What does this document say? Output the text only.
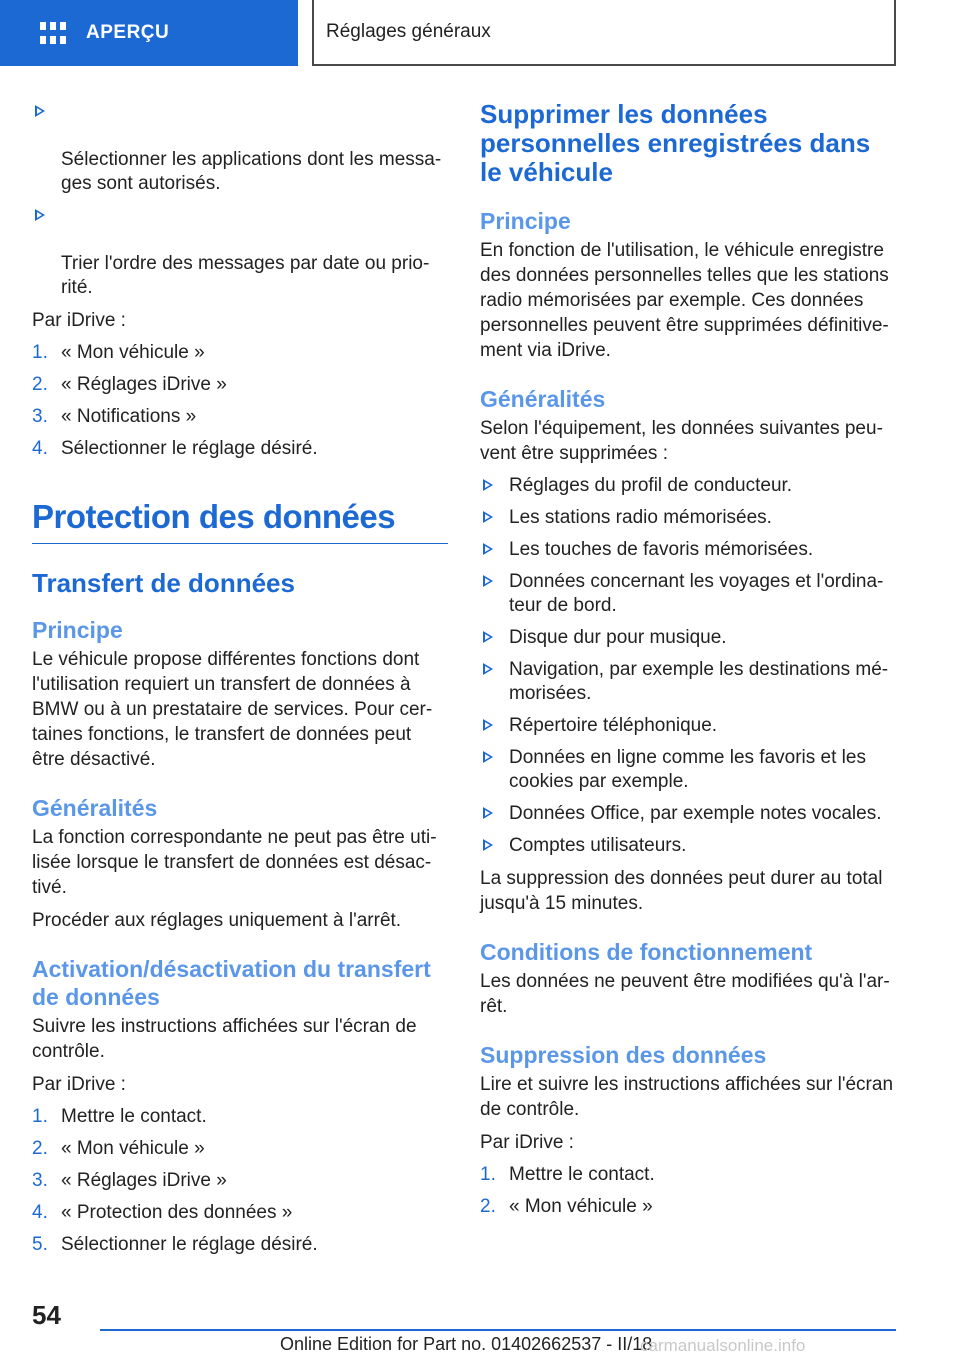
APERÇU	Réglages généraux

Sélectionner les applications dont les messa-
ges sont autorisés.

Trier l'ordre des messages par date ou prio-
rité.

Par iDrive :

1. « Mon véhicule »
2. « Réglages iDrive »
3. « Notifications »
4. Sélectionner le réglage désiré.
Protection des données
Transfert de données
Principe

Le véhicule propose différentes fonctions dont l'utilisation requiert un transfert de données à BMW ou à un prestataire de services. Pour cer-taines fonctions, le transfert de données peut être désactivé.

Généralités

La fonction correspondante ne peut pas être uti-lisée lorsque le transfert de données est désac-tivé.

Procéder aux réglages uniquement à l'arrêt.

Activation/désactivation du transfert de données

Suivre les instructions affichées sur l'écran de contrôle.

Par iDrive :

1. Mettre le contact.
2. « Mon véhicule »
3. « Réglages iDrive »
4. « Protection des données »
5. Sélectionner le réglage désiré.
Supprimer les données personnelles enregistrées dans le véhicule
Principe

En fonction de l'utilisation, le véhicule enregistre des données personnelles telles que les stations radio mémorisées par exemple. Ces données personnelles peuvent être supprimées définitive-ment via iDrive.

Généralités

Selon l'équipement, les données suivantes peu-vent être supprimées :

Réglages du profil de conducteur.
Les stations radio mémorisées.
Les touches de favoris mémorisées.
Données concernant les voyages et l'ordina-
teur de bord.
Disque dur pour musique.
Navigation, par exemple les destinations mé-
morisées.
Répertoire téléphonique.
Données en ligne comme les favoris et les
cookies par exemple.
Données Office, par exemple notes vocales.
Comptes utilisateurs.

La suppression des données peut durer au total jusqu'à 15 minutes.

Conditions de fonctionnement

Les données ne peuvent être modifiées qu'à l'ar-rêt.

Suppression des données

Lire et suivre les instructions affichées sur l'écran de contrôle.

Par iDrive :

1. Mettre le contact.
2. « Mon véhicule »
54
Online Edition for Part no. 01402662537 - II/18
carmanualsonline.info
